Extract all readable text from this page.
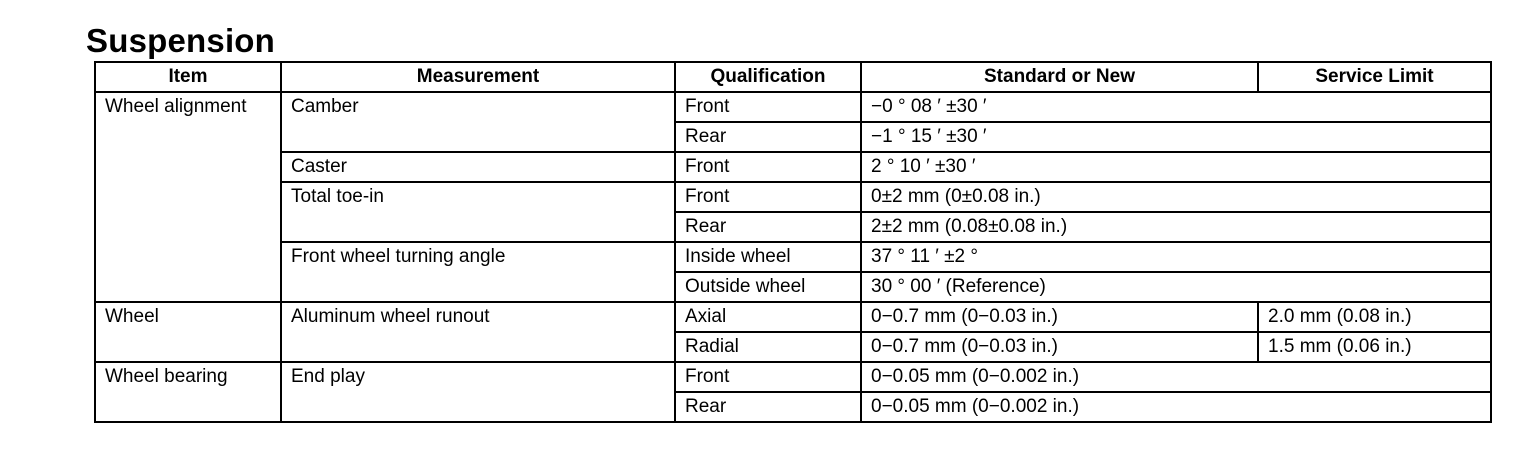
Suspension
Item	Measurement	Qualification	Standard or New	Service Limit
Wheel alignment	Camber	Front	−0 ° 08 ′ ±30 ′	
		Rear	−1 ° 15 ′ ±30 ′	
	Caster	Front	2 ° 10 ′ ±30 ′	
	Total toe-in	Front	0±2 mm (0±0.08 in.)	
		Rear	2±2 mm (0.08±0.08 in.)	
	Front wheel turning angle	Inside wheel	37 ° 11 ′ ±2 °	
		Outside wheel	30 ° 00 ′ (Reference)	
Wheel	Aluminum wheel runout	Axial	0−0.7 mm (0−0.03 in.)	2.0 mm (0.08 in.)
		Radial	0−0.7 mm (0−0.03 in.)	1.5 mm (0.06 in.)
Wheel bearing	End play	Front	0−0.05 mm (0−0.002 in.)	
		Rear	0−0.05 mm (0−0.002 in.)	
